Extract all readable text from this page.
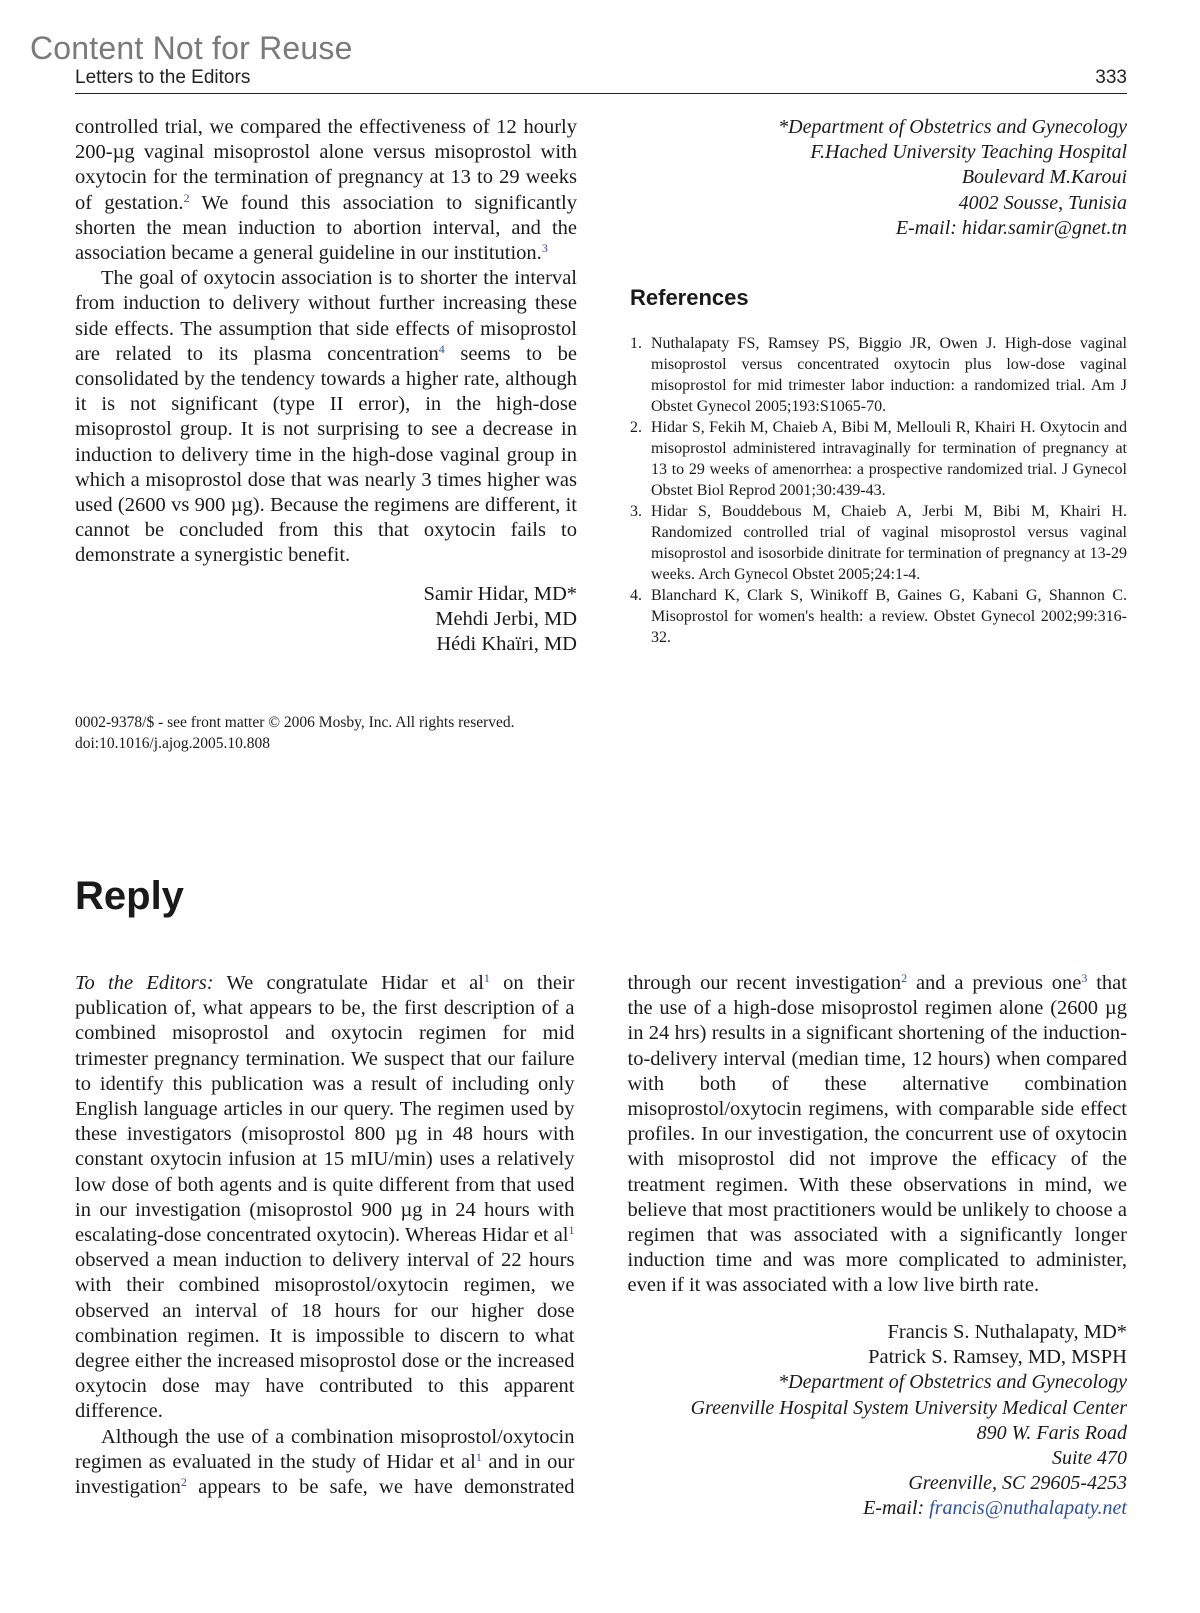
Content Not for Reuse
Letters to the Editors	333

controlled trial, we compared the effectiveness of 12 hourly 200-µg vaginal misoprostol alone versus misoprostol with oxytocin for the termination of pregnancy at 13 to 29 weeks of gestation.$^2$ We found this association to significantly shorten the mean induction to abortion interval, and the association became a general guideline in our institution.$^3$

The goal of oxytocin association is to shorter the interval from induction to delivery without further increasing these side effects. The assumption that side effects of misoprostol are related to its plasma concentration$^4$ seems to be consolidated by the tendency towards a higher rate, although it is not significant (type II error), in the high-dose misoprostol group. It is not surprising to see a decrease in induction to delivery time in the high-dose vaginal group in which a misoprostol dose that was nearly 3 times higher was used (2600 vs 900 µg). Because the regimens are different, it cannot be concluded from this that oxytocin fails to demonstrate a synergistic benefit.

Samir Hidar, MD*
Mehdi Jerbi, MD
Hédi Khaïri, MD
*Department of Obstetrics and Gynecology
F.Hached University Teaching Hospital
Boulevard M.Karoui
4002 Sousse, Tunisia
E-mail: hidar.samir@gnet.tn
References
1. Nuthalapaty FS, Ramsey PS, Biggio JR, Owen J. High-dose vaginal misoprostol versus concentrated oxytocin plus low-dose vaginal misoprostol for mid trimester labor induction: a randomized trial. Am J Obstet Gynecol 2005;193:S1065-70.
2. Hidar S, Fekih M, Chaieb A, Bibi M, Mellouli R, Khairi H. Oxytocin and misoprostol administered intravaginally for termination of pregnancy at 13 to 29 weeks of amenorrhea: a prospective randomized trial. J Gynecol Obstet Biol Reprod 2001;30:439-43.
3. Hidar S, Bouddebous M, Chaieb A, Jerbi M, Bibi M, Khairi H. Randomized controlled trial of vaginal misoprostol versus vaginal misoprostol and isosorbide dinitrate for termination of pregnancy at 13-29 weeks. Arch Gynecol Obstet 2005;24:1-4.
4. Blanchard K, Clark S, Winikoff B, Gaines G, Kabani G, Shannon C. Misoprostol for women's health: a review. Obstet Gynecol 2002;99:316-32.
0002-9378/$ - see front matter © 2006 Mosby, Inc. All rights reserved.
doi:10.1016/j.ajog.2005.10.808
Reply

To the Editors: We congratulate Hidar et $al^1$ on their publication of, what appears to be, the first description of a combined misoprostol and oxytocin regimen for mid trimester pregnancy termination. We suspect that our failure to identify this publication was a result of including only English language articles in our query. The regimen used by these investigators (misoprostol 800 µg in 48 hours with constant oxytocin infusion at 15 mIU/min) uses a relatively low dose of both agents and is quite different from that used in our investigation (misoprostol 900 µg in 24 hours with escalating-dose concentrated oxytocin). Whereas Hidar et $al^1$ observed a mean induction to delivery interval of 22 hours with their combined misoprostol/oxytocin regimen, we observed an interval of 18 hours for our higher dose combination regimen. It is impossible to discern to what degree either the increased misoprostol dose or the increased oxytocin dose may have contributed to this apparent difference.

Although the use of a combination misoprostol/oxytocin regimen as evaluated in the study of Hidar et $al^1$ and in our investigation$^2$ appears to be safe, we have demonstrated through our recent investigation$^2$ and a previous one$^3$ that the use of a high-dose misoprostol regimen alone (2600 µg in 24 hrs) results in a significant shortening of the induction-to-delivery interval (median time, 12 hours) when compared with both of these alternative combination misoprostol/oxytocin regimens, with comparable side effect profiles. In our investigation, the concurrent use of oxytocin with misoprostol did not improve the efficacy of the treatment regimen. With these observations in mind, we believe that most practitioners would be unlikely to choose a regimen that was associated with a significantly longer induction time and was more complicated to administer, even if it was associated with a low live birth rate.

Francis S. Nuthalapaty, MD*
Patrick S. Ramsey, MD, MSPH
*Department of Obstetrics and Gynecology
Greenville Hospital System University Medical Center
890 W. Faris Road
Suite 470
Greenville, SC 29605-4253
E-mail: francis@nuthalapaty.net
